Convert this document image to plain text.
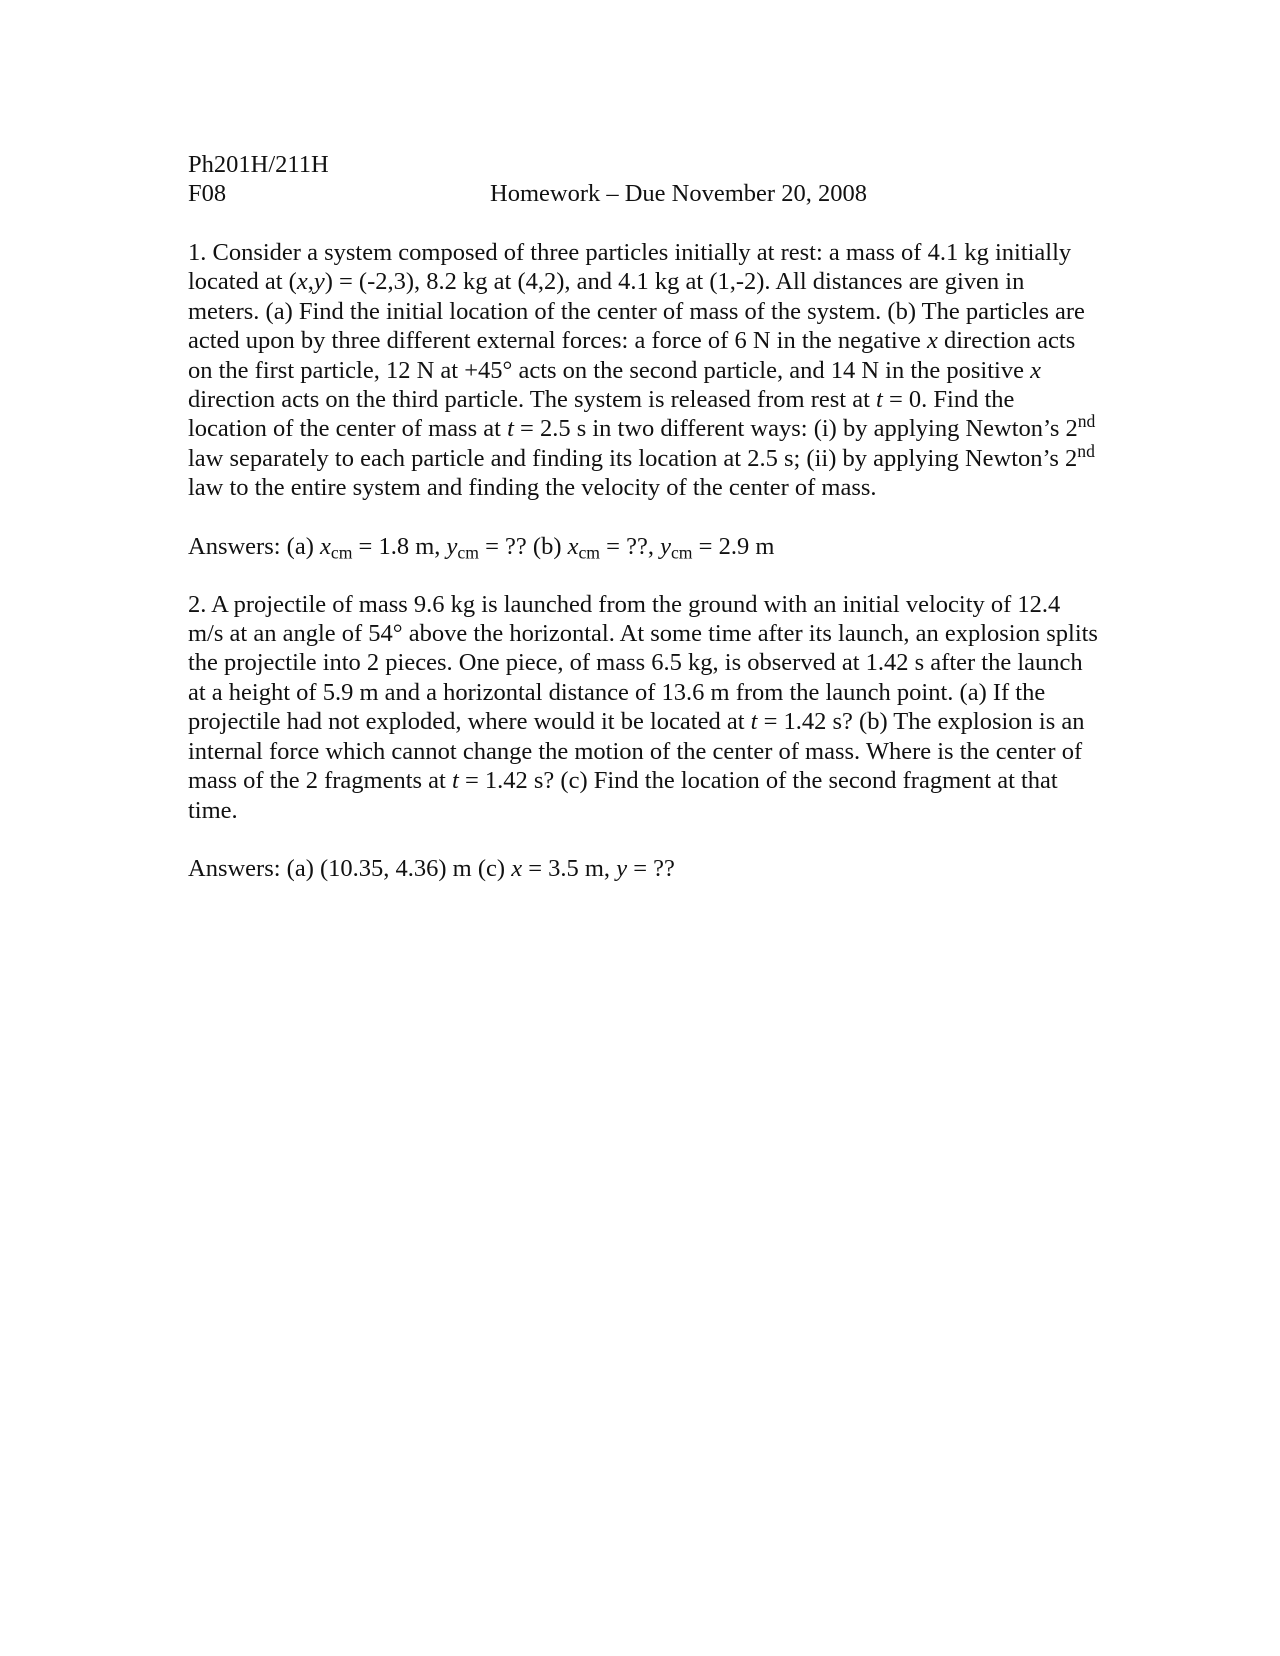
Ph201H/211H
F08	Homework – Due November 20, 2008

1. Consider a system composed of three particles initially at rest: a mass of 4.1 kg initially located at (x,y) = (-2,3), 8.2 kg at (4,2), and 4.1 kg at (1,-2). All distances are given in meters. (a) Find the initial location of the center of mass of the system. (b) The particles are acted upon by three different external forces: a force of 6 N in the negative x direction acts on the first particle, 12 N at +45° acts on the second particle, and 14 N in the positive x direction acts on the third particle. The system is released from rest at t = 0. Find the location of the center of mass at t = 2.5 s in two different ways: (i) by applying Newton’s 2nd law separately to each particle and finding its location at 2.5 s; (ii) by applying Newton’s 2nd law to the entire system and finding the velocity of the center of mass.

Answers: (a) $x_{cm} = 1.8$ m, $y_{cm}$ = ?? (b) $x_{cm}$ = ??, $y_{cm} = 2.9$ m

2. A projectile of mass 9.6 kg is launched from the ground with an initial velocity of 12.4 m/s at an angle of 54° above the horizontal. At some time after its launch, an explosion splits the projectile into 2 pieces. One piece, of mass 6.5 kg, is observed at 1.42 s after the launch at a height of 5.9 m and a horizontal distance of 13.6 m from the launch point. (a) If the projectile had not exploded, where would it be located at t = 1.42 s? (b) The explosion is an internal force which cannot change the motion of the center of mass. Where is the center of mass of the 2 fragments at t = 1.42 s? (c) Find the location of the second fragment at that time.

Answers: (a) (10.35, 4.36) m (c) x = 3.5 m, y = ??
